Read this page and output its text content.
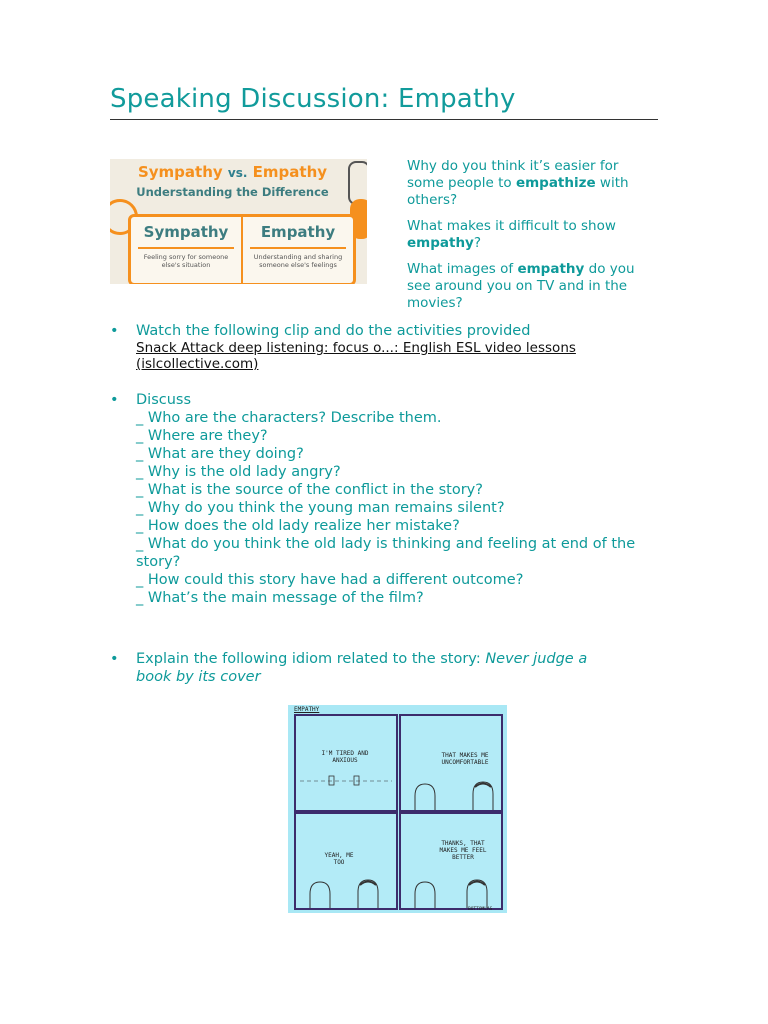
Speaking Discussion: Empathy
Sympathy vs. Empathy
Understanding the Difference
Sympathy
Feeling sorry for someone else's situation
Empathy
Understanding and sharing someone else's feelings

Why do you think it’s easier for some people to empathize with others?

What makes it difficult to show empathy?

What images of empathy do you see around you on TV and in the movies?

• Watch the following clip and do the activities provided
Snack Attack deep listening: focus o...: English ESL video lessons (islcollective.com)
• Discuss
_ Who are the characters? Describe them.
_ Where are they?
_ What are they doing?
_ Why is the old lady angry?
_ What is the source of the conflict in the story?
_ Why do you think the young man remains silent?
_ How does the old lady realize her mistake?
_ What do you think the old lady is thinking and feeling at end of the story?
_ How could this story have had a different outcome?
_ What’s the main message of the film?
• Explain the following idiom related to the story: Never judge a book by its cover
EMPATHY
I'M TIRED AND ANXIOUS
THAT MAKES ME UNCOMFORTABLE
YEAH, ME TOO
THANKS, THAT MAKES ME FEEL BETTER
BOTTOMLAS
